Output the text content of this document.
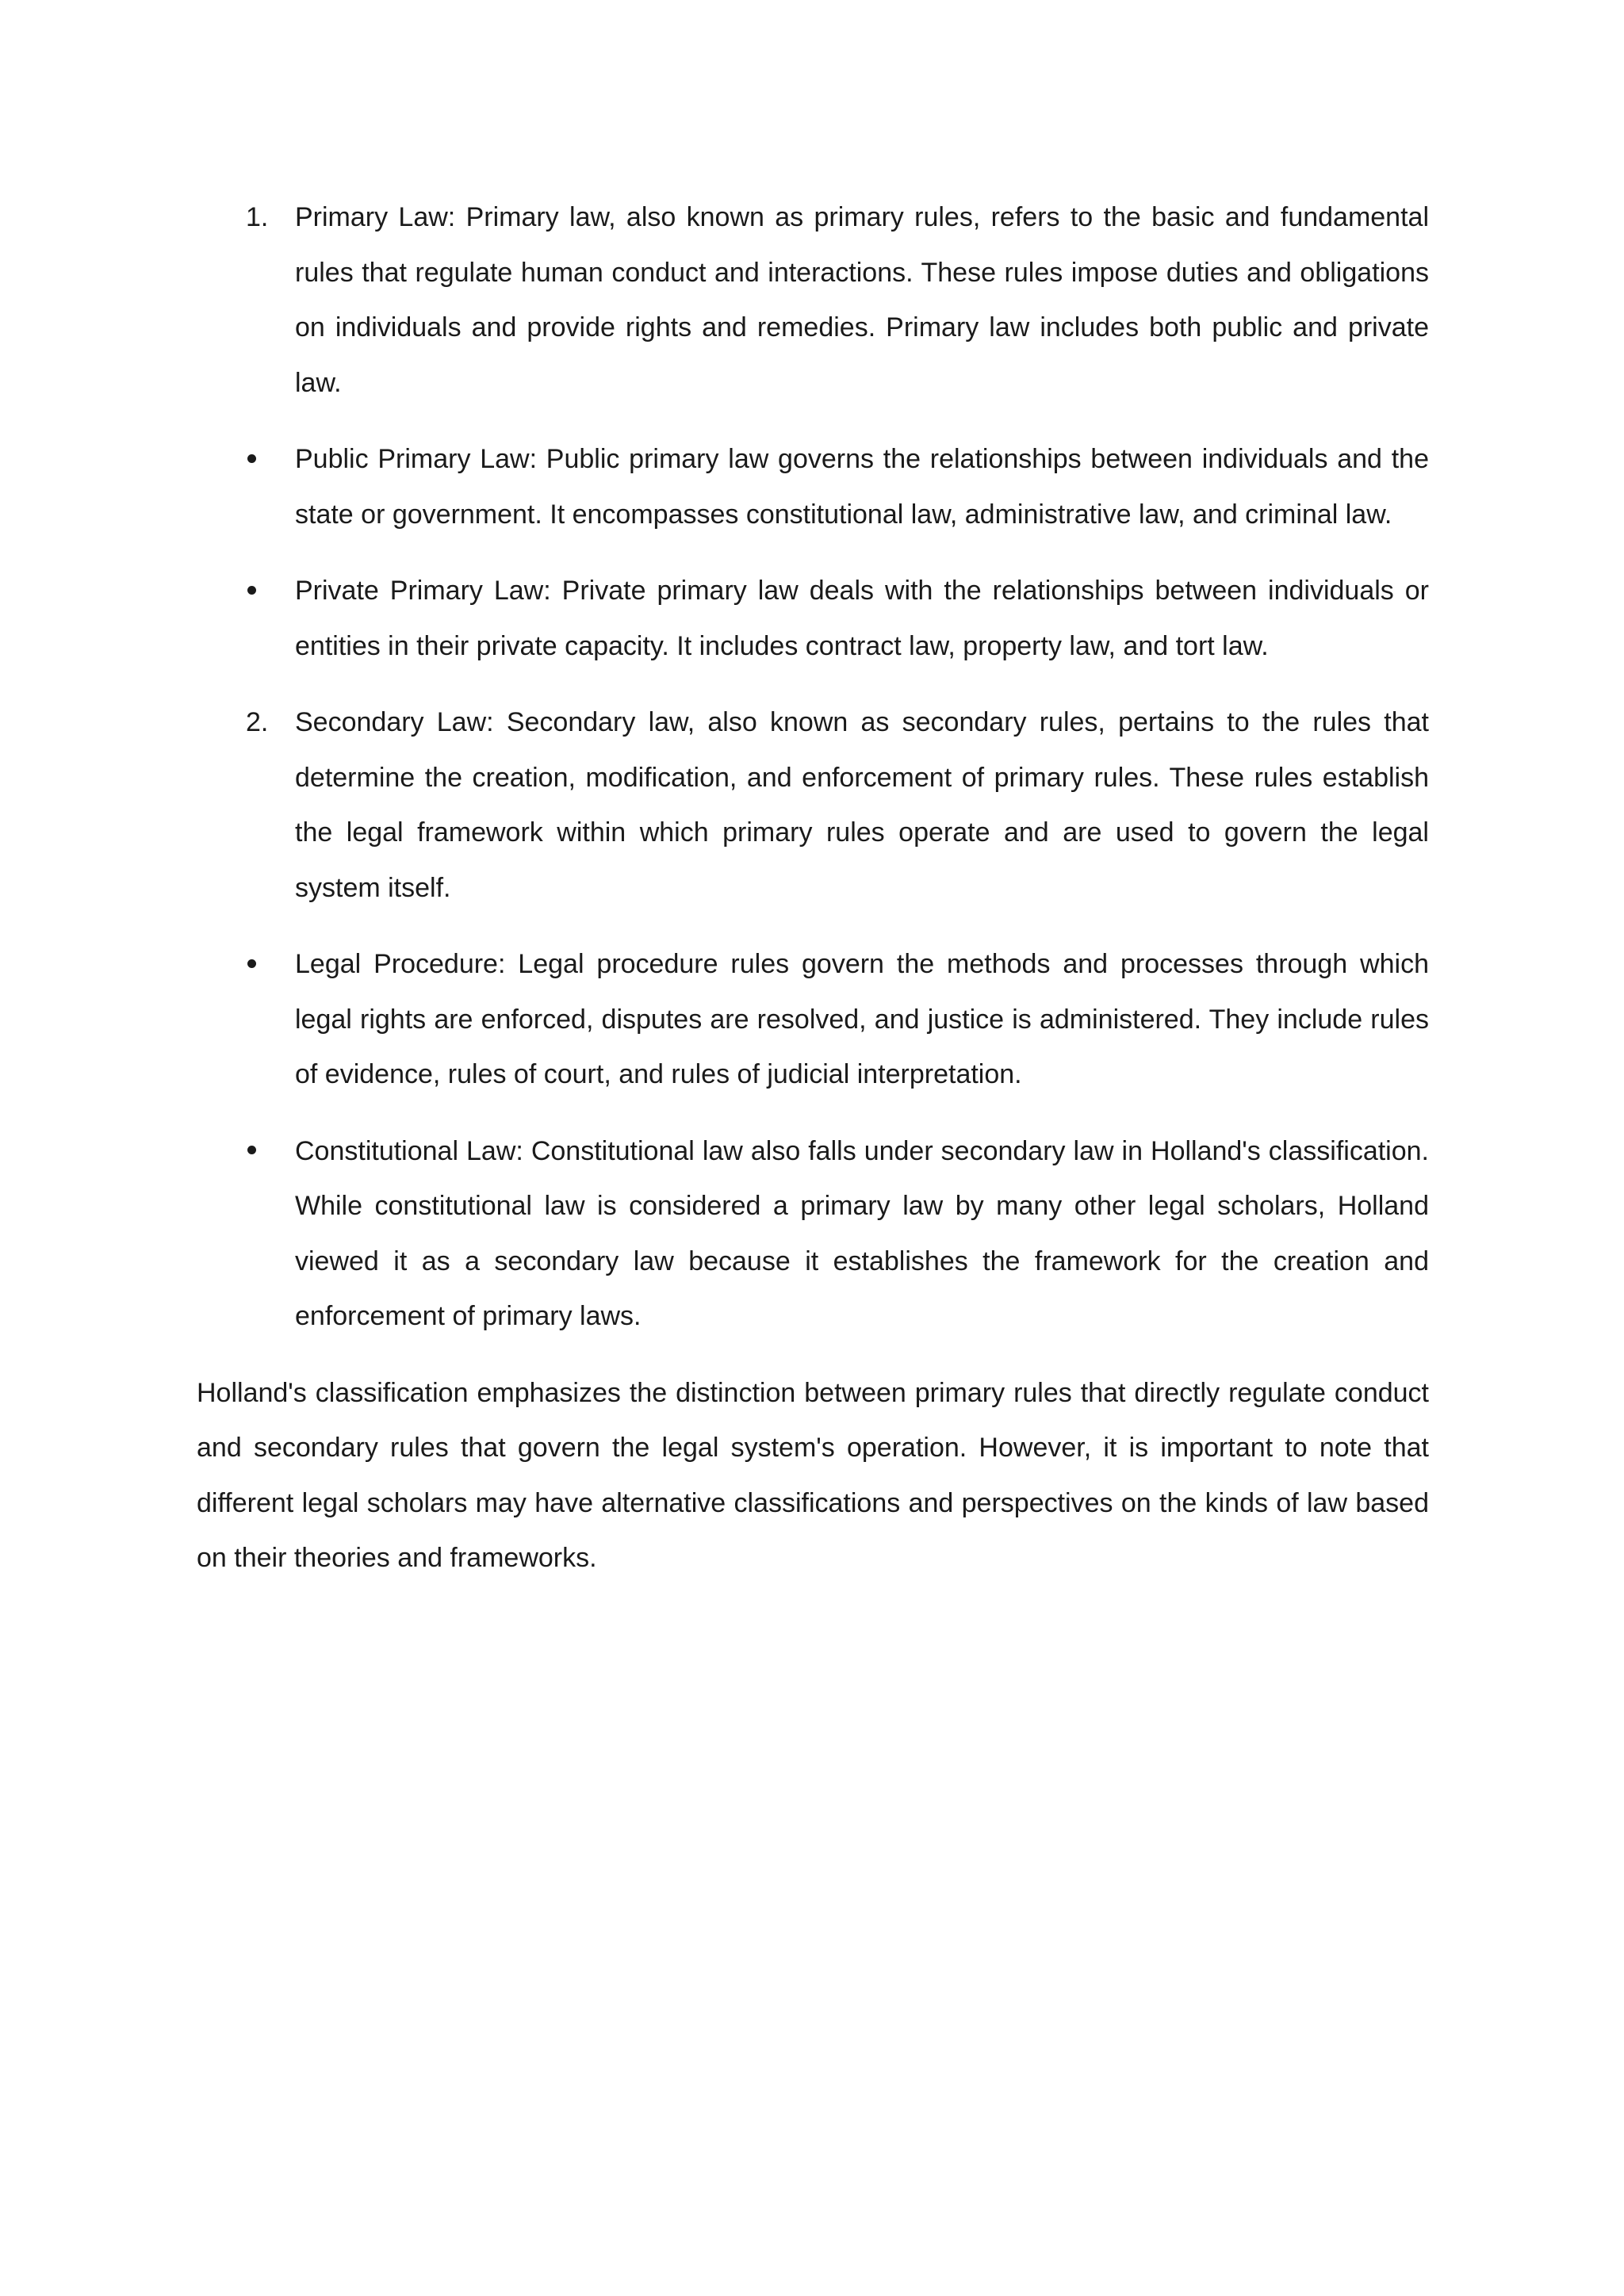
1. Primary Law: Primary law, also known as primary rules, refers to the basic and fundamental rules that regulate human conduct and interactions. These rules impose duties and obligations on individuals and provide rights and remedies. Primary law includes both public and private law.
Public Primary Law: Public primary law governs the relationships between individuals and the state or government. It encompasses constitutional law, administrative law, and criminal law.
Private Primary Law: Private primary law deals with the relationships between individuals or entities in their private capacity. It includes contract law, property law, and tort law.
2. Secondary Law: Secondary law, also known as secondary rules, pertains to the rules that determine the creation, modification, and enforcement of primary rules. These rules establish the legal framework within which primary rules operate and are used to govern the legal system itself.
Legal Procedure: Legal procedure rules govern the methods and processes through which legal rights are enforced, disputes are resolved, and justice is administered. They include rules of evidence, rules of court, and rules of judicial interpretation.
Constitutional Law: Constitutional law also falls under secondary law in Holland's classification. While constitutional law is considered a primary law by many other legal scholars, Holland viewed it as a secondary law because it establishes the framework for the creation and enforcement of primary laws.

Holland's classification emphasizes the distinction between primary rules that directly regulate conduct and secondary rules that govern the legal system's operation. However, it is important to note that different legal scholars may have alternative classifications and perspectives on the kinds of law based on their theories and frameworks.
